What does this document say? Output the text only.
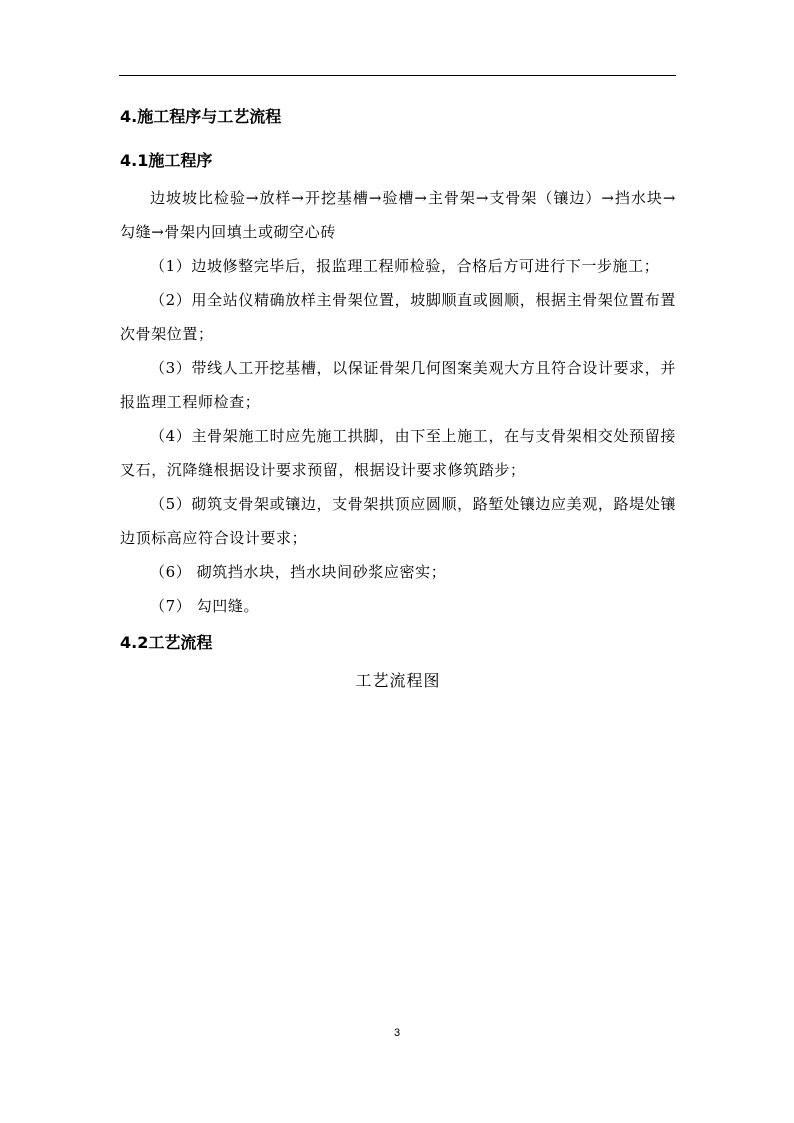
4.施工程序与工艺流程
4.1施工程序

边坡坡比检验→放样→开挖基槽→验槽→主骨架→支骨架（镶边）→挡水块→勾缝→骨架内回填土或砌空心砖

（1）边坡修整完毕后，报监理工程师检验，合格后方可进行下一步施工；

（2）用全站仪精确放样主骨架位置，坡脚顺直或圆顺，根据主骨架位置布置次骨架位置；

（3）带线人工开挖基槽，以保证骨架几何图案美观大方且符合设计要求，并报监理工程师检查；

（4）主骨架施工时应先施工拱脚，由下至上施工，在与支骨架相交处预留接叉石，沉降缝根据设计要求预留，根据设计要求修筑踏步；

（5）砌筑支骨架或镶边，支骨架拱顶应圆顺，路堑处镶边应美观，路堤处镶边顶标高应符合设计要求；

（6） 砌筑挡水块，挡水块间砂浆应密实；

（7） 勾凹缝。

4.2工艺流程
工艺流程图
3
